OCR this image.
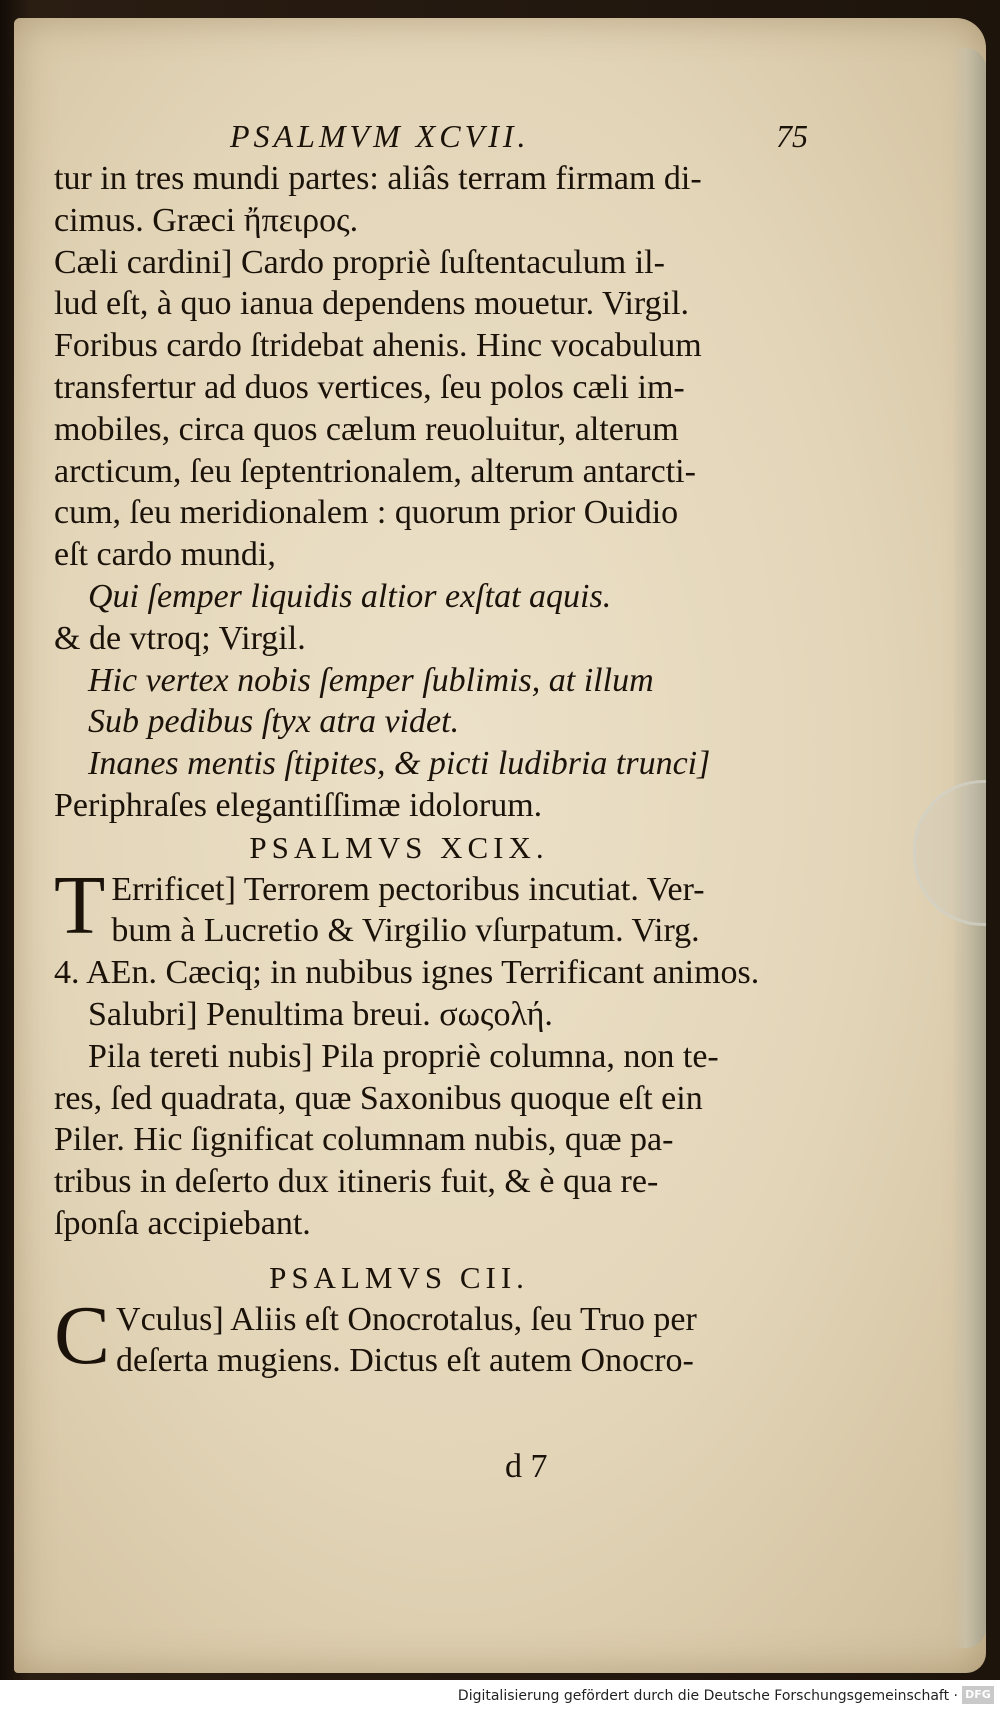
PSALMVM XCVII.	75
tur in tres mundi partes: aliâs terram firmam di-
cimus. Græci ἤπειρος.
Cæli cardini] Cardo propriè ſuſtentaculum il-
lud eſt, à quo ianua dependens mouetur. Virgil.
Foribus cardo ſtridebat ahenis. Hinc vocabulum
transfertur ad duos vertices, ſeu polos cæli im-
mobiles, circa quos cælum reuoluitur, alterum
arcticum, ſeu ſeptentrionalem, alterum antarcti-
cum, ſeu meridionalem : quorum prior Ouidio
eſt cardo mundi,
Qui ſemper liquidis altior exſtat aquis.
& de vtroq; Virgil.
Hic vertex nobis ſemper ſublimis, at illum
Sub pedibus ſtyx atra videt.
Inanes mentis ſtipites, & picti ludibria trunci]
Periphraſes elegantiſſimæ idolorum.
PSALMVS XCIX.
T Errificet] Terrorem pectoribus incutiat. Ver-
bum à Lucretio & Virgilio vſurpatum. Virg.
4. AEn. Cæciq; in nubibus ignes Terrificant animos.
Salubri] Penultima breui. σωςολή.
Pila tereti nubis] Pila propriè columna, non te-
res, ſed quadrata, quæ Saxonibus quoque eſt ein
Piler. Hic ſignificat columnam nubis, quæ pa-
tribus in deſerto dux itineris fuit, & è qua re-
ſponſa accipiebant.
PSALMVS CII.
C Vculus] Aliis eſt Onocrotalus, ſeu Truo per
deſerta mugiens. Dictus eſt autem Onocro-
d 7
Digitalisierung gefördert durch die Deutsche Forschungsgemeinschaft · DFG
